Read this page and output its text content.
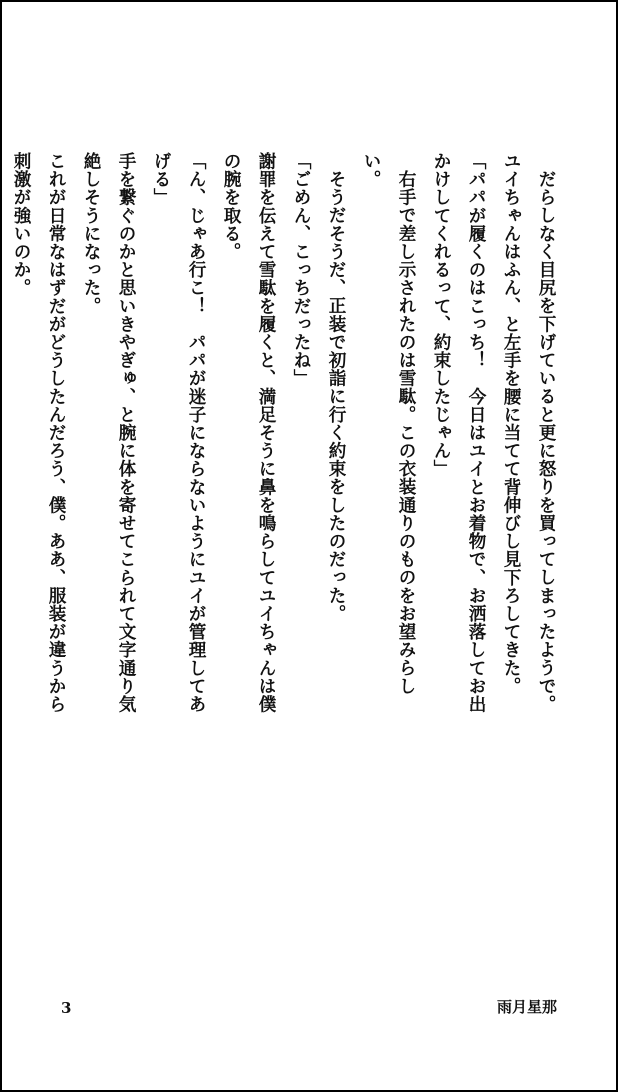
だらしなく目尻を下げていると更に怒りを買ってしまったようで。ユイちゃんはふん、と左手を腰に当てて背伸びし見下ろしてきた。

「パパが履くのはこっち！　今日はユイとお着物で、お洒落してお出かけしてくれるって、約束したじゃん」

右手で差し示されたのは雪駄。この衣装通りのものをお望みらしい。

そうだそうだ、正装で初詣に行く約束をしたのだった。

「ごめん、こっちだったね」

謝罪を伝えて雪駄を履くと、満足そうに鼻を鳴らしてユイちゃんは僕の腕を取る。

「ん、じゃあ行こ！　パパが迷子にならないようにユイが管理してあげる」

手を繋ぐのかと思いきやぎゅ、と腕に体を寄せてこられて文字通り気絶しそうになった。

これが日常なはずだがどうしたんだろう、僕。ああ、服装が違うから刺激が強いのか。

3	雨月星那
